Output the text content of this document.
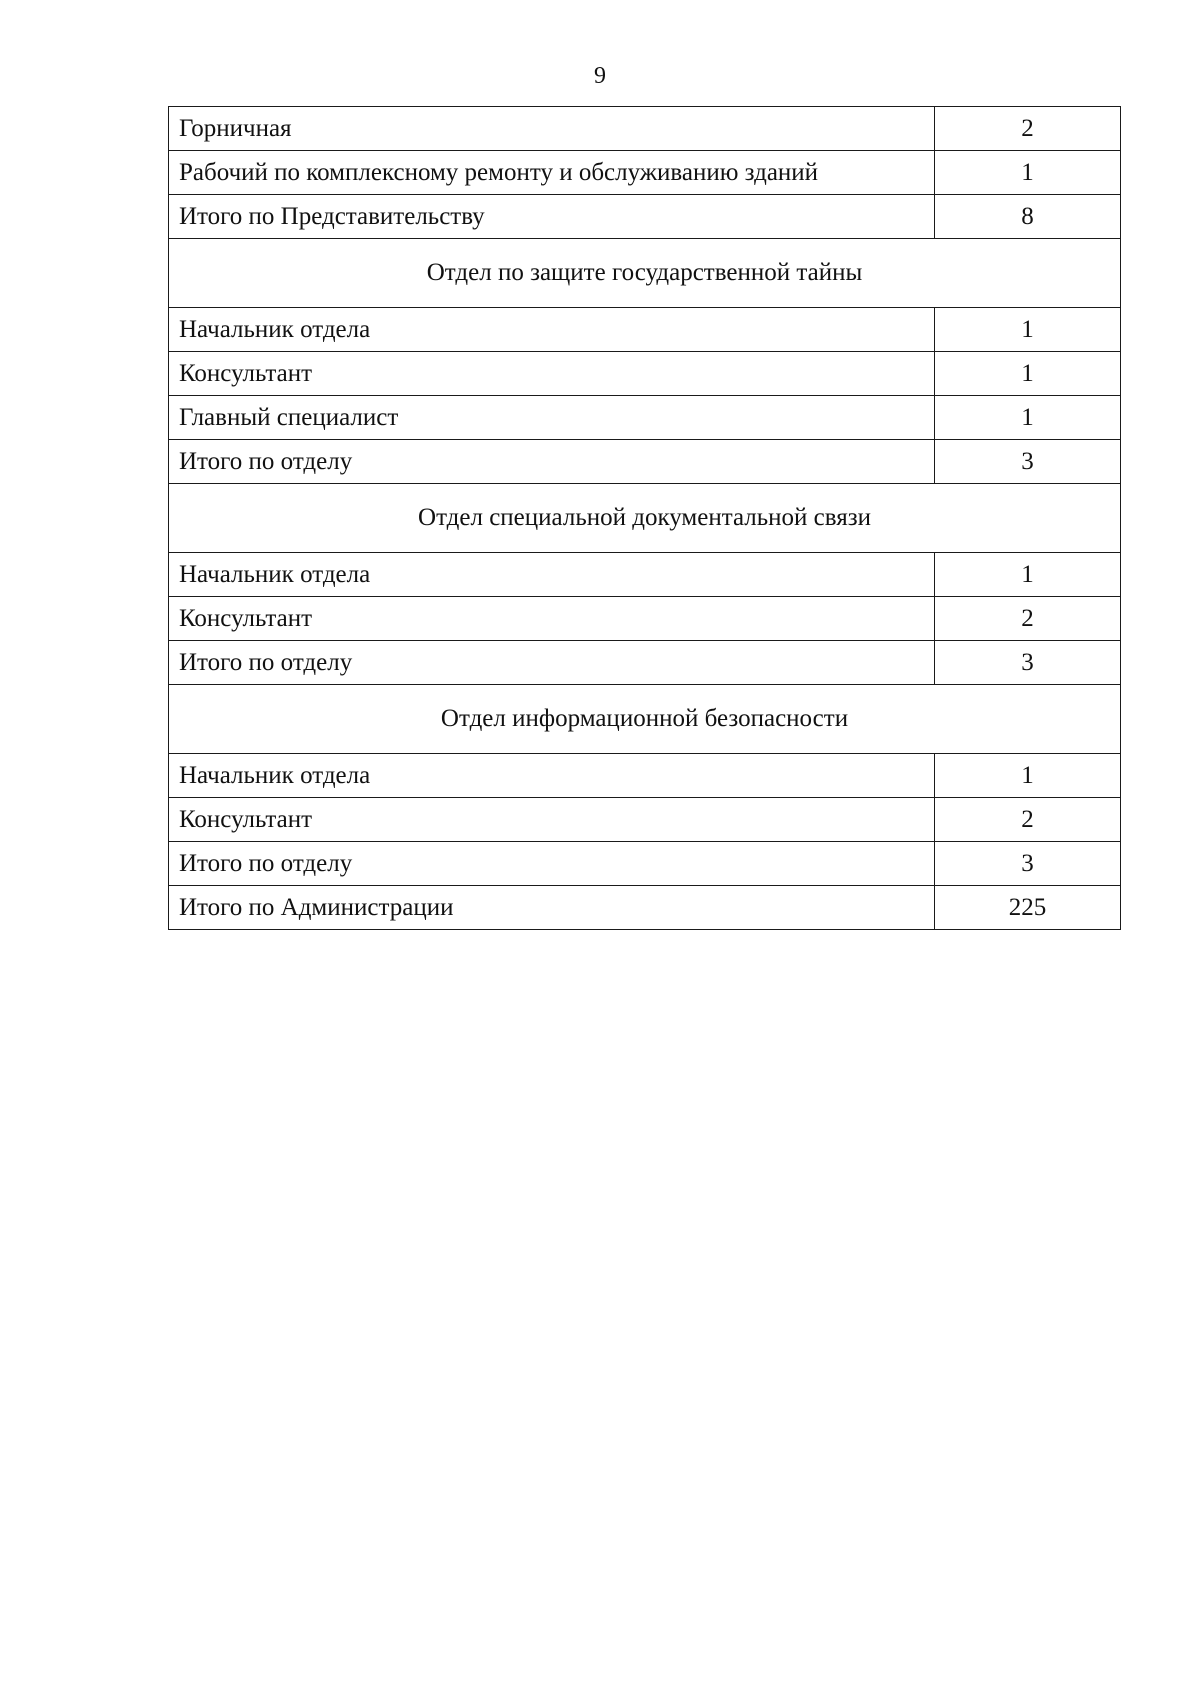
9
Горничная	2
Рабочий по комплексному ремонту и обслуживанию зданий	1
Итого по Представительству	8
Отдел по защите государственной тайны	
Начальник отдела	1
Консультант	1
Главный специалист	1
Итого по отделу	3
Отдел специальной документальной связи	
Начальник отдела	1
Консультант	2
Итого по отделу	3
Отдел информационной безопасности	
Начальник отдела	1
Консультант	2
Итого по отделу	3
Итого по Администрации	225
